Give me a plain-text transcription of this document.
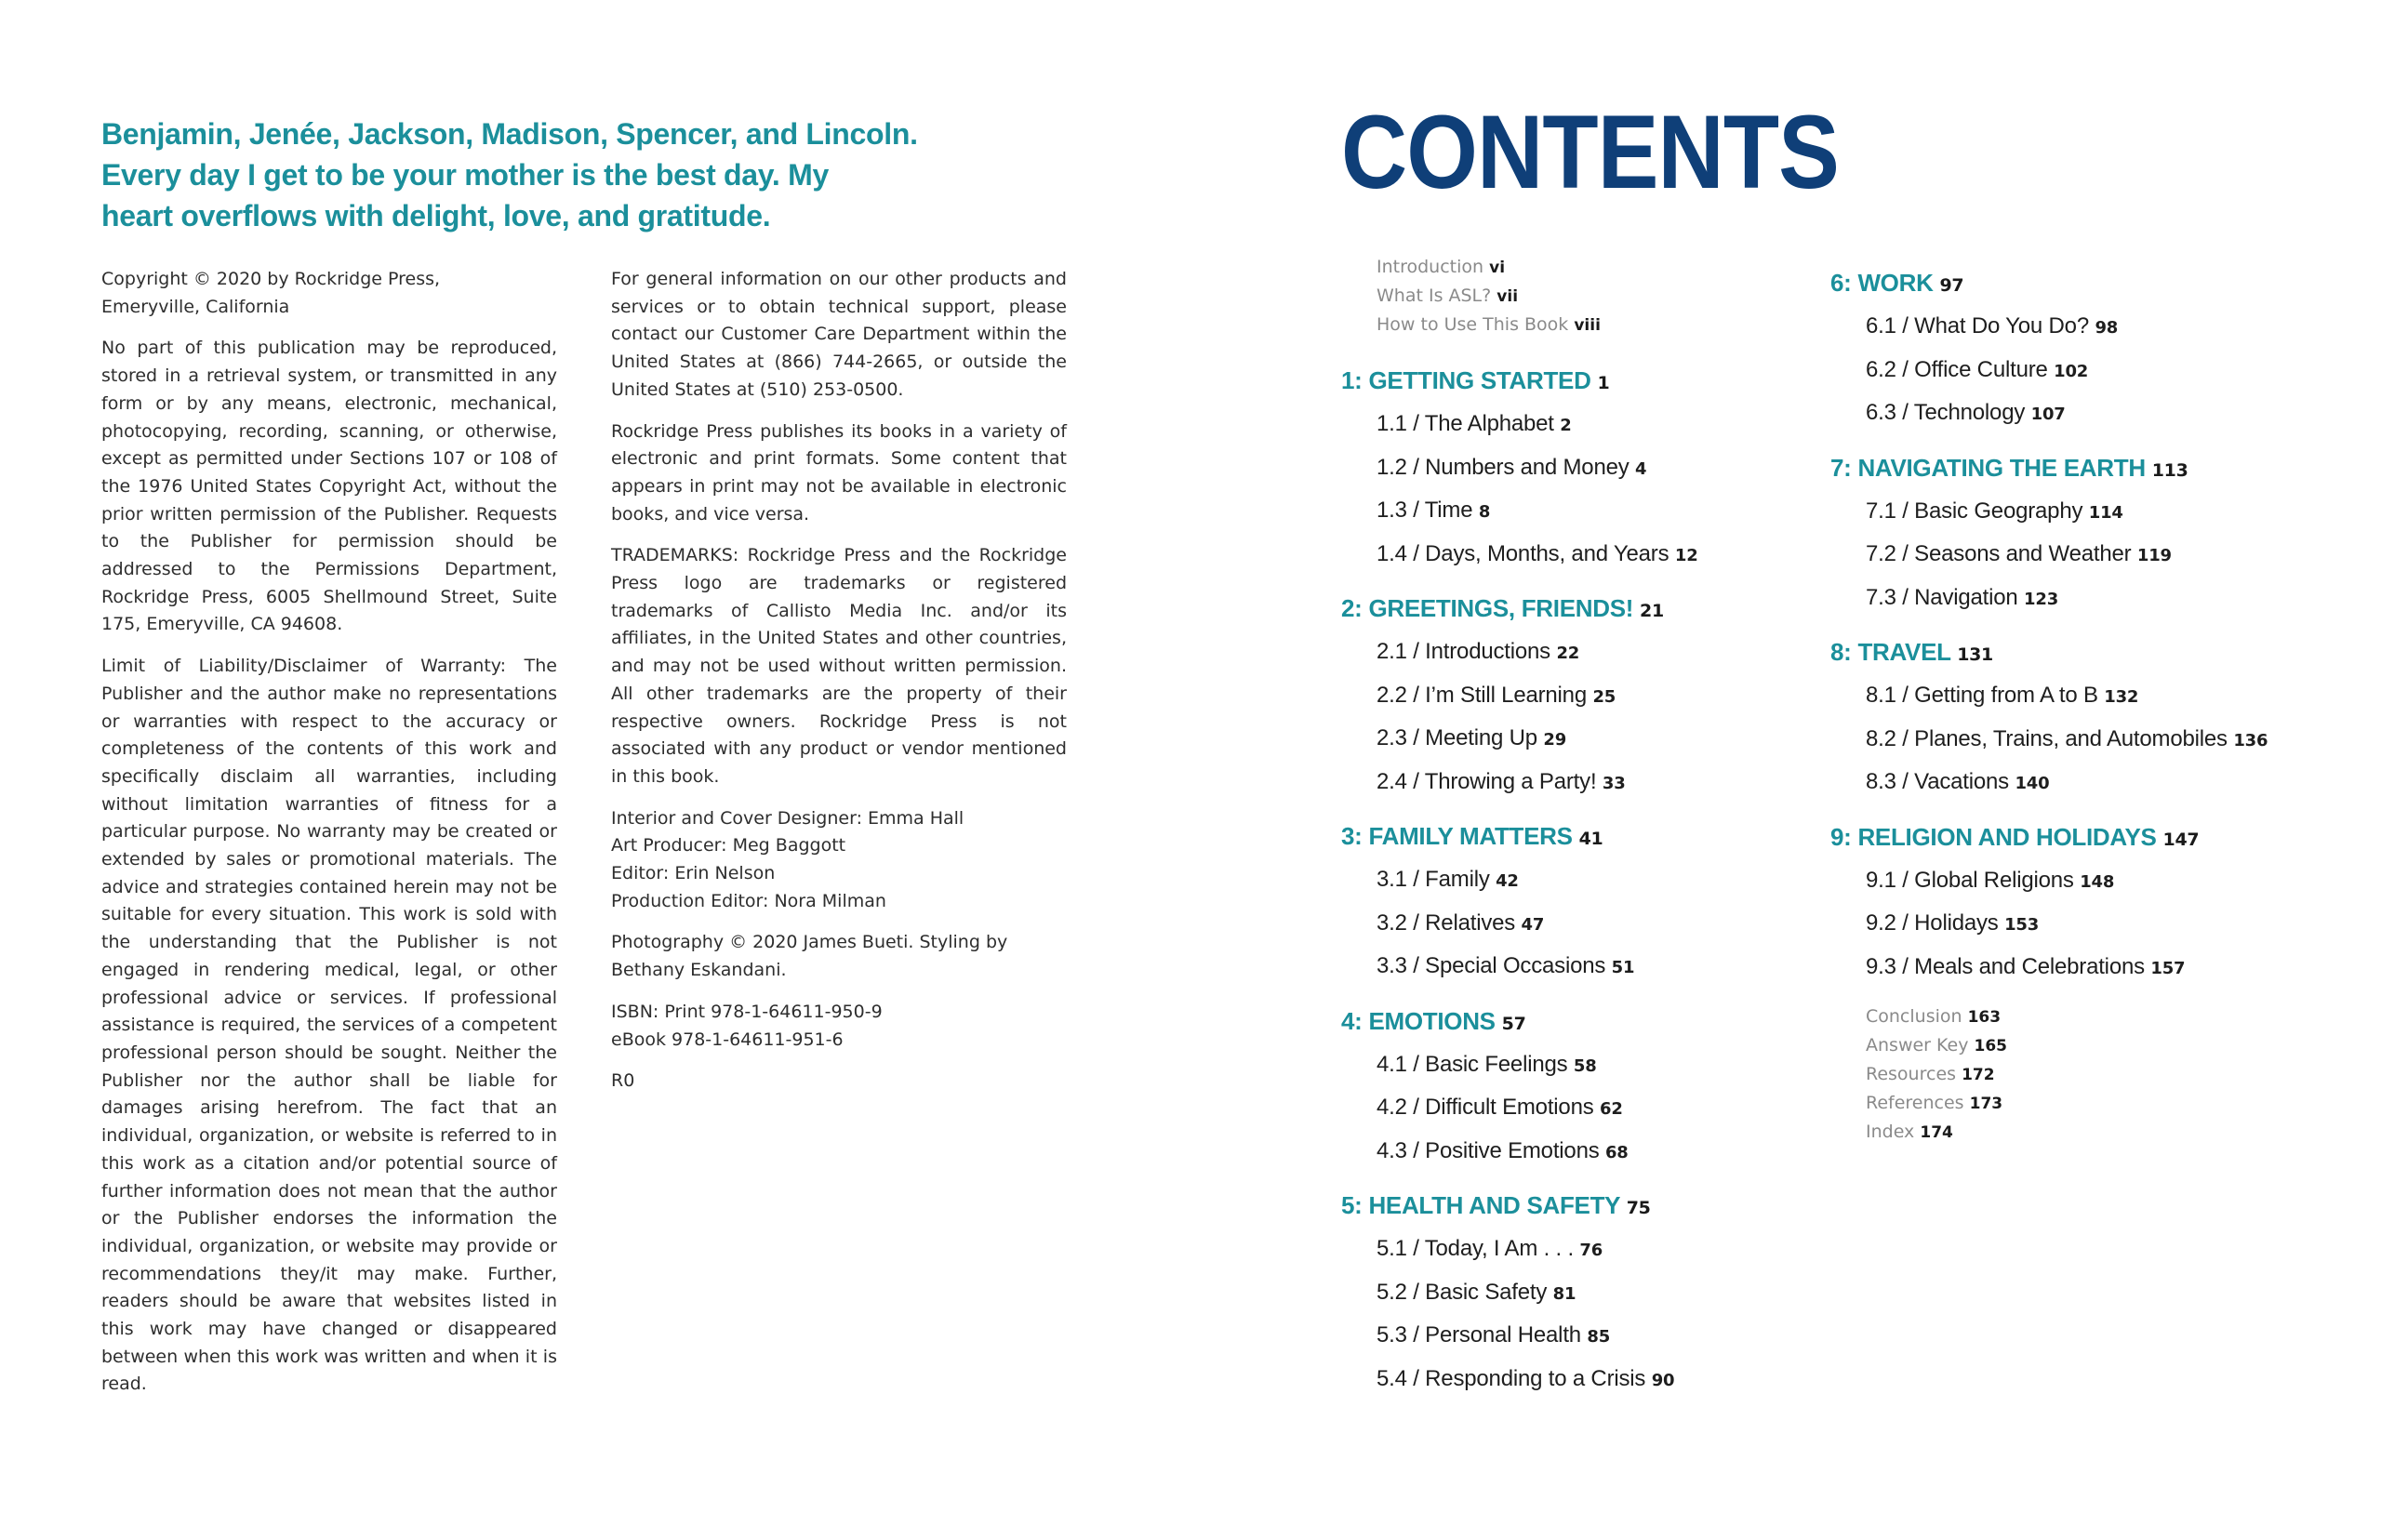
Benjamin, Jenée, Jackson, Madison, Spencer, and Lincoln.
Every day I get to be your mother is the best day. My
heart overflows with delight, love, and gratitude.

Copyright © 2020 by Rockridge Press,
Emeryville, California

No part of this publication may be reproduced, stored in a retrieval system, or transmitted in any form or by any means, electronic, mechanical, photocopying, recording, scanning, or otherwise, except as permitted under Sections 107 or 108 of the 1976 United States Copyright Act, without the prior written permission of the Publisher. Requests to the Publisher for permission should be addressed to the Permissions Department, Rockridge Press, 6005 Shellmound Street, Suite 175, Emeryville, CA 94608.

Limit of Liability/Disclaimer of Warranty: The Publisher and the author make no representations or warranties with respect to the accuracy or completeness of the contents of this work and specifically disclaim all warranties, including without limitation warranties of fitness for a particular purpose. No warranty may be created or extended by sales or promotional materials. The advice and strategies contained herein may not be suitable for every situation. This work is sold with the understanding that the Publisher is not engaged in rendering medical, legal, or other professional advice or services. If professional assistance is required, the services of a competent professional person should be sought. Neither the Publisher nor the author shall be liable for damages arising herefrom. The fact that an individual, organization, or website is referred to in this work as a citation and/or potential source of further information does not mean that the author or the Publisher endorses the information the individual, organization, or website may provide or recommendations they/it may make. Further, readers should be aware that websites listed in this work may have changed or disappeared between when this work was written and when it is read.

For general information on our other products and services or to obtain technical support, please contact our Customer Care Department within the United States at (866) 744-2665, or outside the United States at (510) 253-0500.

Rockridge Press publishes its books in a variety of electronic and print formats. Some content that appears in print may not be available in electronic books, and vice versa.

TRADEMARKS: Rockridge Press and the Rockridge Press logo are trademarks or registered trademarks of Callisto Media Inc. and/or its affiliates, in the United States and other countries, and may not be used without written permission. All other trademarks are the property of their respective owners. Rockridge Press is not associated with any product or vendor mentioned in this book.

Interior and Cover Designer: Emma Hall
Art Producer: Meg Baggott
Editor: Erin Nelson
Production Editor: Nora Milman

Photography © 2020 James Bueti. Styling by
Bethany Eskandani.

ISBN: Print 978-1-64611-950-9
eBook 978-1-64611-951-6

R0

CONTENTS
Introduction vi
What Is ASL? vii
How to Use This Book viii
1: GETTING STARTED 1
1.1 / The Alphabet 2
1.2 / Numbers and Money 4
1.3 / Time 8
1.4 / Days, Months, and Years 12
2: GREETINGS, FRIENDS! 21
2.1 / Introductions 22
2.2 / I’m Still Learning 25
2.3 / Meeting Up 29
2.4 / Throwing a Party! 33
3: FAMILY MATTERS 41
3.1 / Family 42
3.2 / Relatives 47
3.3 / Special Occasions 51
4: EMOTIONS 57
4.1 / Basic Feelings 58
4.2 / Difficult Emotions 62
4.3 / Positive Emotions 68
5: HEALTH AND SAFETY 75
5.1 / Today, I Am . . . 76
5.2 / Basic Safety 81
5.3 / Personal Health 85
5.4 / Responding to a Crisis 90
6: WORK 97
6.1 / What Do You Do? 98
6.2 / Office Culture 102
6.3 / Technology 107
7: NAVIGATING THE EARTH 113
7.1 / Basic Geography 114
7.2 / Seasons and Weather 119
7.3 / Navigation 123
8: TRAVEL 131
8.1 / Getting from A to B 132
8.2 / Planes, Trains, and Automobiles 136
8.3 / Vacations 140
9: RELIGION AND HOLIDAYS 147
9.1 / Global Religions 148
9.2 / Holidays 153
9.3 / Meals and Celebrations 157
Conclusion 163
Answer Key 165
Resources 172
References 173
Index 174
